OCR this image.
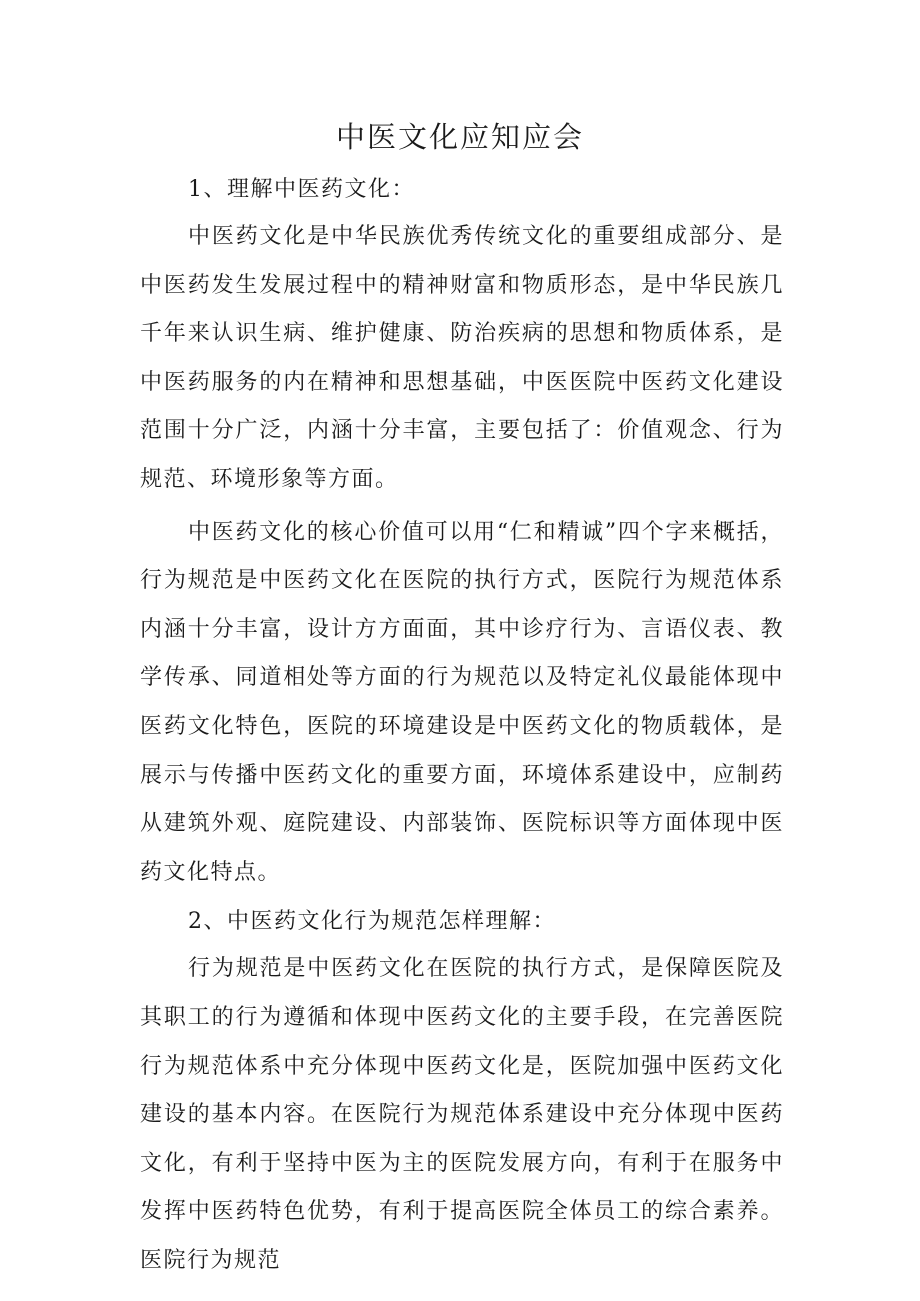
中医文化应知应会
1、理解中医药文化：

中医药文化是中华民族优秀传统文化的重要组成部分、是中医药发生发展过程中的精神财富和物质形态，是中华民族几千年来认识生病、维护健康、防治疾病的思想和物质体系，是中医药服务的内在精神和思想基础，中医医院中医药文化建设范围十分广泛，内涵十分丰富，主要包括了：价值观念、行为规范、环境形象等方面。

中医药文化的核心价值可以用“仁和精诚”四个字来概括，行为规范是中医药文化在医院的执行方式，医院行为规范体系内涵十分丰富，设计方方面面，其中诊疗行为、言语仪表、教学传承、同道相处等方面的行为规范以及特定礼仪最能体现中医药文化特色，医院的环境建设是中医药文化的物质载体，是展示与传播中医药文化的重要方面，环境体系建设中，应制药从建筑外观、庭院建设、内部装饰、医院标识等方面体现中医药文化特点。

2、中医药文化行为规范怎样理解：

行为规范是中医药文化在医院的执行方式，是保障医院及其职工的行为遵循和体现中医药文化的主要手段，在完善医院行为规范体系中充分体现中医药文化是，医院加强中医药文化建设的基本内容。在医院行为规范体系建设中充分体现中医药文化，有利于坚持中医为主的医院发展方向，有利于在服务中发挥中医药特色优势，有利于提高医院全体员工的综合素养。医院行为规范
